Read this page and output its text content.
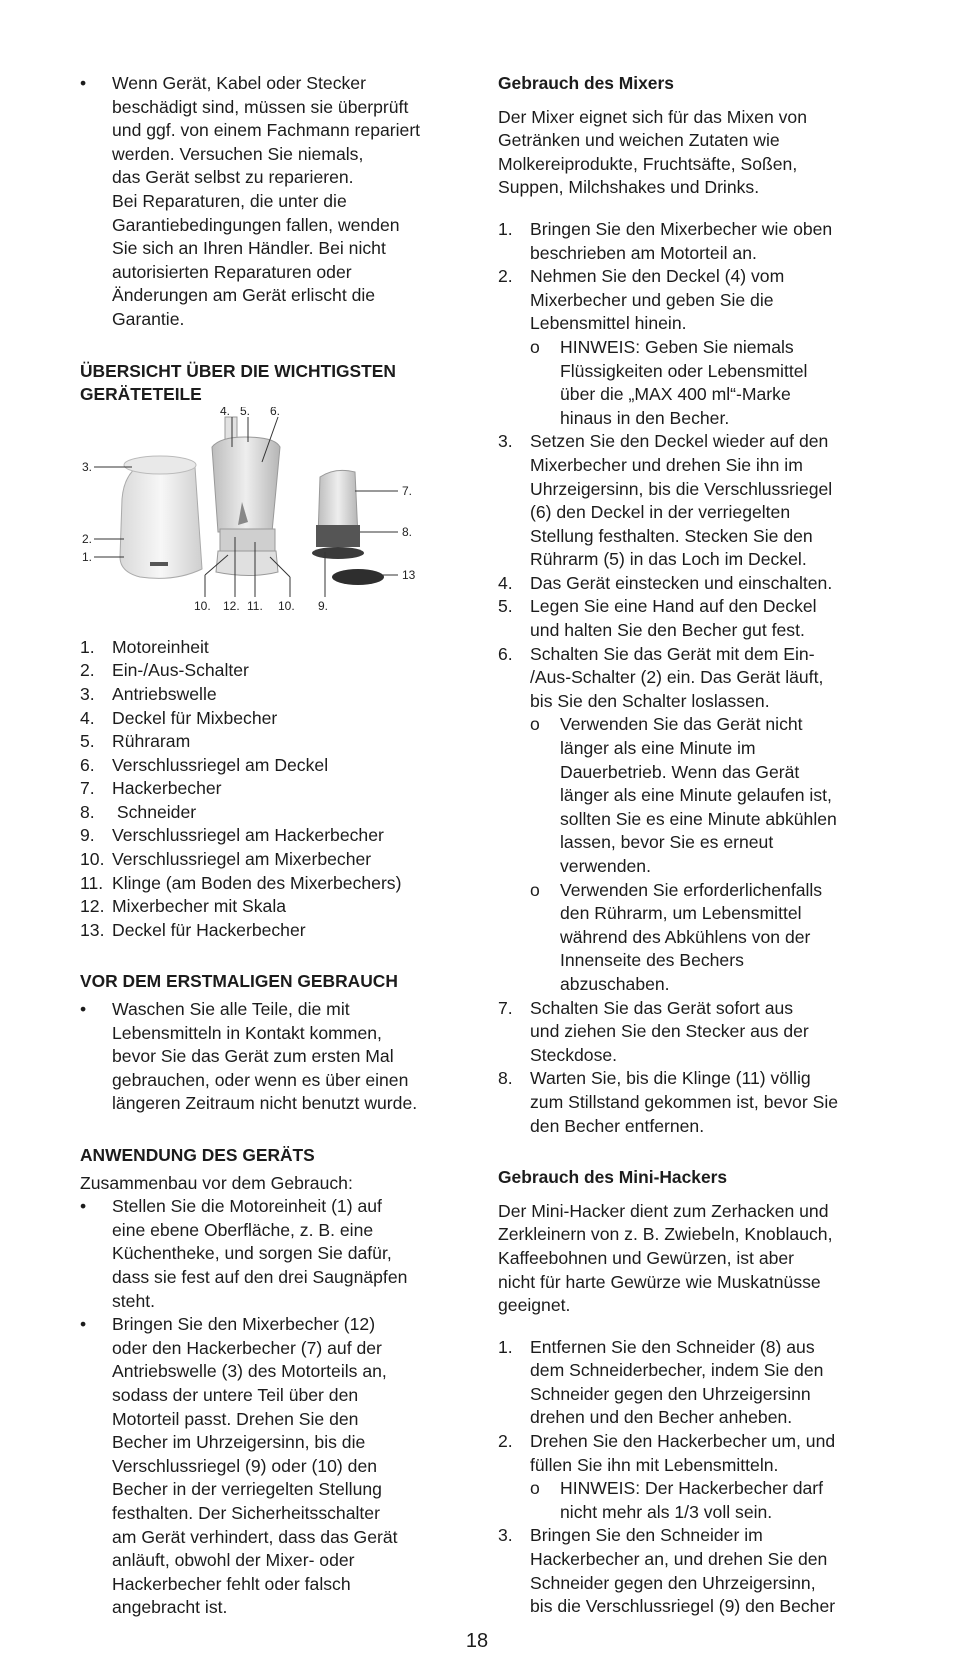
• Wenn Gerät, Kabel oder Stecker
beschädigt sind, müssen sie überprüft
und ggf. von einem Fachmann repariert
werden. Versuchen Sie niemals,
das Gerät selbst zu reparieren.
Bei Reparaturen, die unter die
Garantiebedingungen fallen, wenden
Sie sich an Ihren Händler. Bei nicht
autorisierten Reparaturen oder
Änderungen am Gerät erlischt die
Garantie.
ÜBERSICHT ÜBER DIE WICHTIGSTEN
GERÄTETEILE
4. 5. 6.
3.
7.
2.	8.
1.
13
10. 12. 11. 10. 9.
1. Motoreinheit
2. Ein-/Aus-Schalter
3. Antriebswelle
4. Deckel für Mixbecher
5. Rühraram
6. Verschlussriegel am Deckel
7. Hackerbecher
8. Schneider
9. Verschlussriegel am Hackerbecher
10. Verschlussriegel am Mixerbecher
11. Klinge (am Boden des Mixerbechers)
12. Mixerbecher mit Skala
13. Deckel für Hackerbecher
VOR DEM ERSTMALIGEN GEBRAUCH
• Waschen Sie alle Teile, die mit
Lebensmitteln in Kontakt kommen,
bevor Sie das Gerät zum ersten Mal
gebrauchen, oder wenn es über einen
längeren Zeitraum nicht benutzt wurde.
ANWENDUNG DES GERÄTS

Zusammenbau vor dem Gebrauch:

• Stellen Sie die Motoreinheit (1) auf
eine ebene Oberfläche, z. B. eine
Küchentheke, und sorgen Sie dafür,
dass sie fest auf den drei Saugnäpfen
steht.
• Bringen Sie den Mixerbecher (12)
oder den Hackerbecher (7) auf der
Antriebswelle (3) des Motorteils an,
sodass der untere Teil über den
Motorteil passt. Drehen Sie den
Becher im Uhrzeigersinn, bis die
Verschlussriegel (9) oder (10) den
Becher in der verriegelten Stellung
festhalten. Der Sicherheitsschalter
am Gerät verhindert, dass das Gerät
anläuft, obwohl der Mixer- oder
Hackerbecher fehlt oder falsch
angebracht ist.
Gebrauch des Mixers
Der Mixer eignet sich für das Mixen von
Getränken und weichen Zutaten wie
Molkereiprodukte, Fruchtsäfte, Soßen,
Suppen, Milchshakes und Drinks.
1. Bringen Sie den Mixerbecher wie oben
beschrieben am Motorteil an.
2. Nehmen Sie den Deckel (4) vom
Mixerbecher und geben Sie die
Lebensmittel hinein.
o HINWEIS: Geben Sie niemals
Flüssigkeiten oder Lebensmittel
über die „MAX 400 ml“-Marke
hinaus in den Becher.
3. Setzen Sie den Deckel wieder auf den
Mixerbecher und drehen Sie ihn im
Uhrzeigersinn, bis die Verschlussriegel
(6) den Deckel in der verriegelten
Stellung festhalten. Stecken Sie den
Rührarm (5) in das Loch im Deckel.
4. Das Gerät einstecken und einschalten.
5. Legen Sie eine Hand auf den Deckel
und halten Sie den Becher gut fest.
6. Schalten Sie das Gerät mit dem Ein-
/Aus-Schalter (2) ein. Das Gerät läuft,
bis Sie den Schalter loslassen.
o Verwenden Sie das Gerät nicht
länger als eine Minute im
Dauerbetrieb. Wenn das Gerät
länger als eine Minute gelaufen ist,
sollten Sie es eine Minute abkühlen
lassen, bevor Sie es erneut
verwenden.
o Verwenden Sie erforderlichenfalls
den Rührarm, um Lebensmittel
während des Abkühlens von der
Innenseite des Bechers
abzuschaben.
7. Schalten Sie das Gerät sofort aus
und ziehen Sie den Stecker aus der
Steckdose.
8. Warten Sie, bis die Klinge (11) völlig
zum Stillstand gekommen ist, bevor Sie
den Becher entfernen.
Gebrauch des Mini-Hackers
Der Mini-Hacker dient zum Zerhacken und
Zerkleinern von z. B. Zwiebeln, Knoblauch,
Kaffeebohnen und Gewürzen, ist aber
nicht für harte Gewürze wie Muskatnüsse
geeignet.
1. Entfernen Sie den Schneider (8) aus
dem Schneiderbecher, indem Sie den
Schneider gegen den Uhrzeigersinn
drehen und den Becher anheben.
2. Drehen Sie den Hackerbecher um, und
füllen Sie ihn mit Lebensmitteln.
o HINWEIS: Der Hackerbecher darf
nicht mehr als 1/3 voll sein.
3. Bringen Sie den Schneider im
Hackerbecher an, und drehen Sie den
Schneider gegen den Uhrzeigersinn,
bis die Verschlussriegel (9) den Becher
18
